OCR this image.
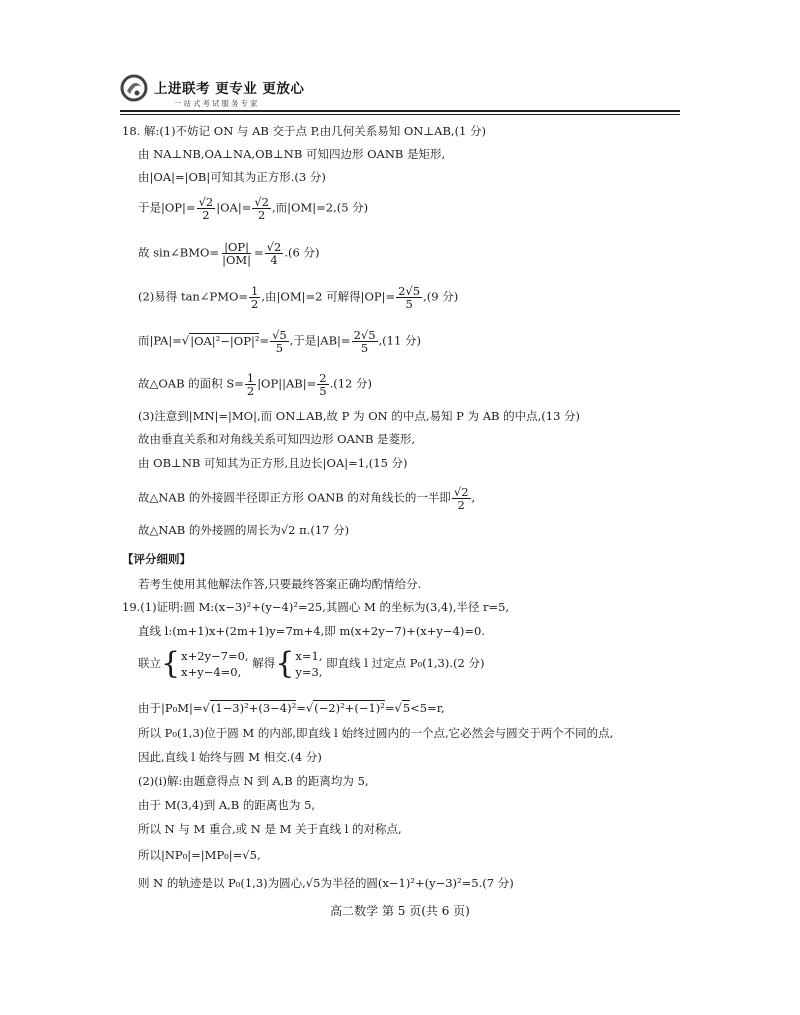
上进联考 更专业 更放心
一站式考试服务专家
18. 解:(1)不妨记 ON 与 AB 交于点 P,由几何关系易知 ON⊥AB,(1 分)
由 NA⊥NB,OA⊥NA,OB⊥NB 可知四边形 OANB 是矩形,
由|OA|=|OB|可知其为正方形.(3 分)
于是$|OP|= \frac{√2}{2} |OA|= \frac{√2}{2}$ ,而|OM|=2,(5 分)
故 sin∠BMO= $\frac{|OP|}{|OM|} = \frac{√2}{4} .(6$ 分)
(2)易得 tan∠PMO= $\frac{1}{2}$ ,由|OM|=2 可解得$|OP|= \frac{2√5}{5} ,(9$ 分)
而$|PA|=√|OA|^2-|OP|^2= \frac{√5}{5}$ ,于是$|AB|= \frac{2√5}{5} ,(11$ 分)
故△OAB 的面积 $S= \frac{1}{2} |OP||AB|= \frac{2}{5} .(12$ 分)
(3)注意到|MN|=|MO|,而 ON⊥AB,故 P 为 ON 的中点,易知 P 为 AB 的中点,(13 分)
故由垂直关系和对角线关系可知四边形 OANB 是菱形,
由 OB⊥NB 可知其为正方形,且边长|OA|=1,(15 分)
故△NAB 的外接圆半径即正方形 OANB 的对角线长的一半即 $\frac{√2}{2}$ ,
故△NAB 的外接圆的周长为√2 π.(17 分)
【评分细则】
若考生使用其他解法作答,只要最终答案正确均酌情给分.
19.(1)证明:圆 M:(x−3)²+(y−4)²=25,其圆心 M 的坐标为(3,4),半径 r=5,
直线 l:(m+1)x+(2m+1)y=7m+4,即 m(x+2y−7)+(x+y−4)=0.
联立 { x+2y−7=0,
x+y−4=0,
解得 { x=1,
y=3,
即直线 l 过定点 P₀(1,3).(2 分)
由于|P₀M|=√(1−3)²+(3−4)²=√(−2)²+(−1)²=√5<5=r,
所以 P₀(1,3)位于圆 M 的内部,即直线 l 始终过圆内的一个点,它必然会与圆交于两个不同的点,
因此,直线 l 始终与圆 M 相交.(4 分)
(2)(i)解:由题意得点 N 到 A,B 的距离均为 5,
由于 M(3,4)到 A,B 的距离也为 5,
所以 N 与 M 重合,或 N 是 M 关于直线 l 的对称点,
所以|NP₀|=|MP₀|=√5,
则 N 的轨迹是以 P₀(1,3)为圆心,√5为半径的圆(x−1)²+(y−3)²=5.(7 分)
高二数学 第 5 页(共 6 页)
